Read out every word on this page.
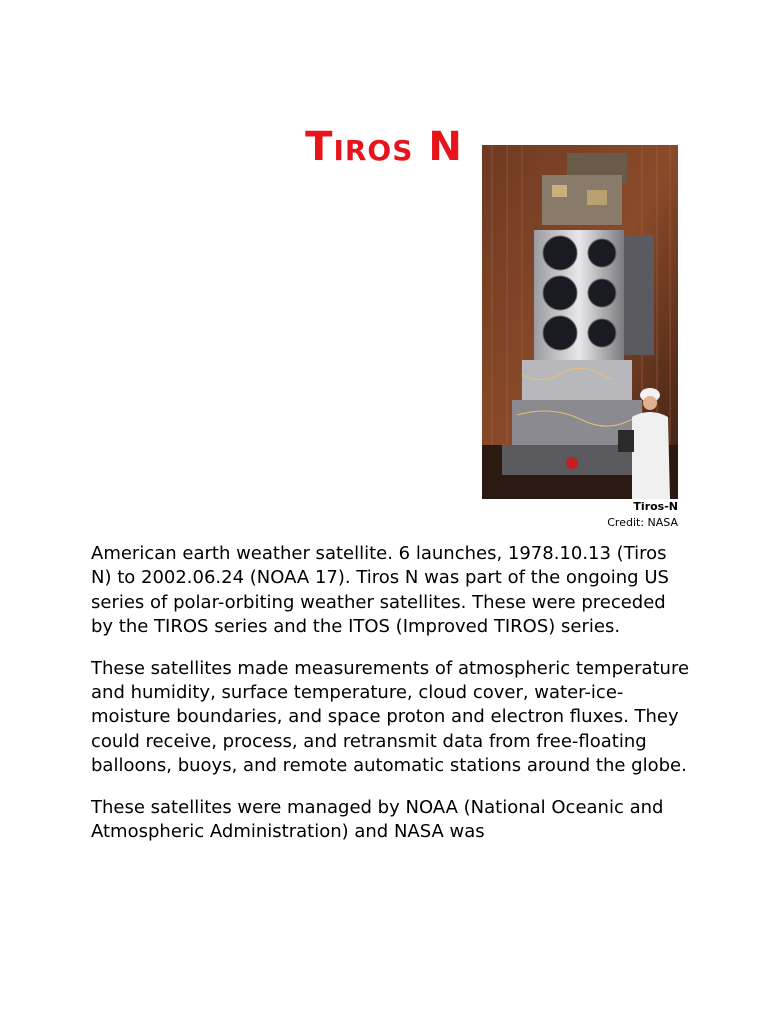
Tiros N
Tiros-N
Credit: NASA

American earth weather satellite. 6 launches, 1978.10.13 (Tiros N) to 2002.06.24 (NOAA 17). Tiros N was part of the ongoing US series of polar-orbiting weather satellites. These were preceded by the TIROS series and the ITOS (Improved TIROS) series.

These satellites made measurements of atmospheric temperature and humidity, surface temperature, cloud cover, water-ice-moisture boundaries, and space proton and electron fluxes. They could receive, process, and retransmit data from free-floating balloons, buoys, and remote automatic stations around the globe.

These satellites were managed by NOAA (National Oceanic and Atmospheric Administration) and NASA was
